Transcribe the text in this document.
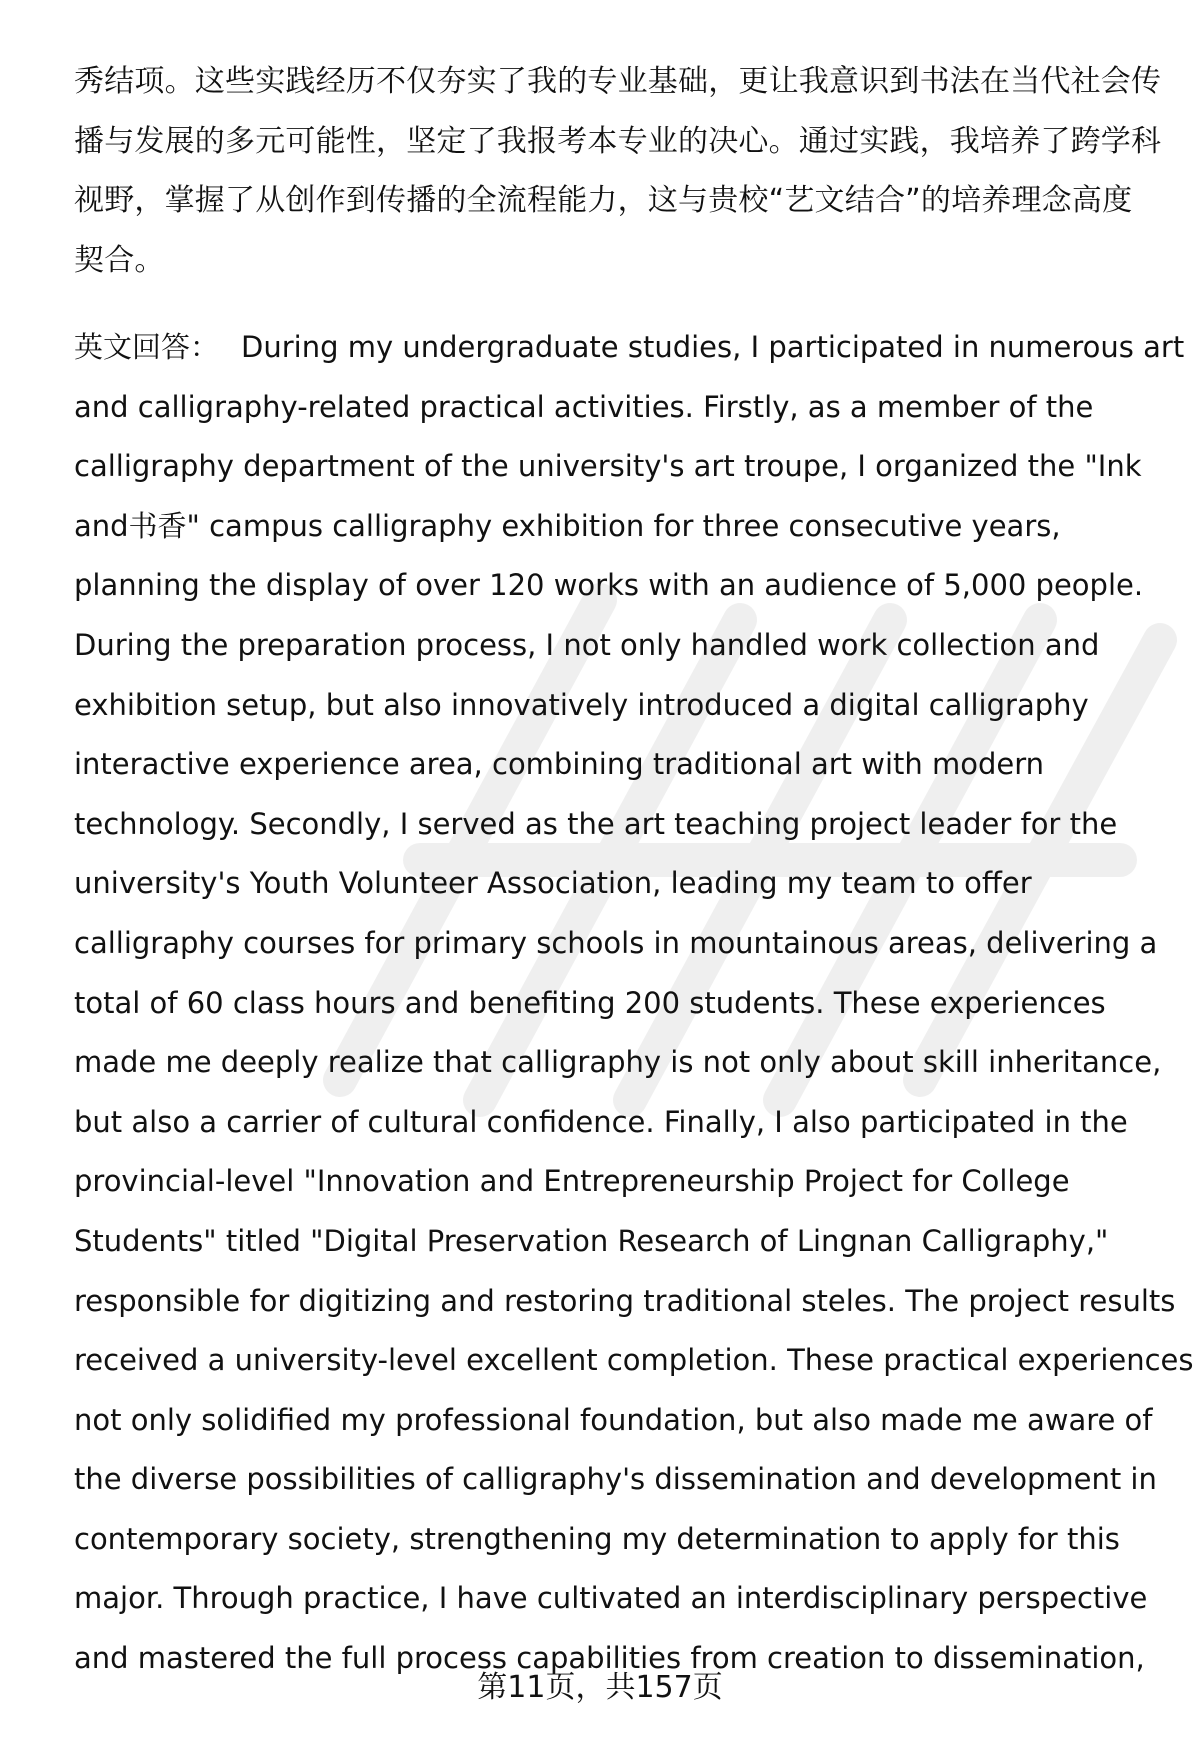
秀结项。这些实践经历不仅夯实了我的专业基础，更让我意识到书法在当代社会传
播与发展的多元可能性，坚定了我报考本专业的决心。通过实践，我培养了跨学科
视野，掌握了从创作到传播的全流程能力，这与贵校“艺文结合”的培养理念高度
契合。

英文回答： During my undergraduate studies, I participated in numerous art
and calligraphy-related practical activities. Firstly, as a member of the
calligraphy department of the university's art troupe, I organized the "Ink
and书香" campus calligraphy exhibition for three consecutive years,
planning the display of over 120 works with an audience of 5,000 people.
During the preparation process, I not only handled work collection and
exhibition setup, but also innovatively introduced a digital calligraphy
interactive experience area, combining traditional art with modern
technology. Secondly, I served as the art teaching project leader for the
university's Youth Volunteer Association, leading my team to offer
calligraphy courses for primary schools in mountainous areas, delivering a
total of 60 class hours and benefiting 200 students. These experiences
made me deeply realize that calligraphy is not only about skill inheritance,
but also a carrier of cultural confidence. Finally, I also participated in the
provincial-level "Innovation and Entrepreneurship Project for College
Students" titled "Digital Preservation Research of Lingnan Calligraphy,"
responsible for digitizing and restoring traditional steles. The project results
received a university-level excellent completion. These practical experiences
not only solidified my professional foundation, but also made me aware of
the diverse possibilities of calligraphy's dissemination and development in
contemporary society, strengthening my determination to apply for this
major. Through practice, I have cultivated an interdisciplinary perspective
and mastered the full process capabilities from creation to dissemination,

第11页，共157页
